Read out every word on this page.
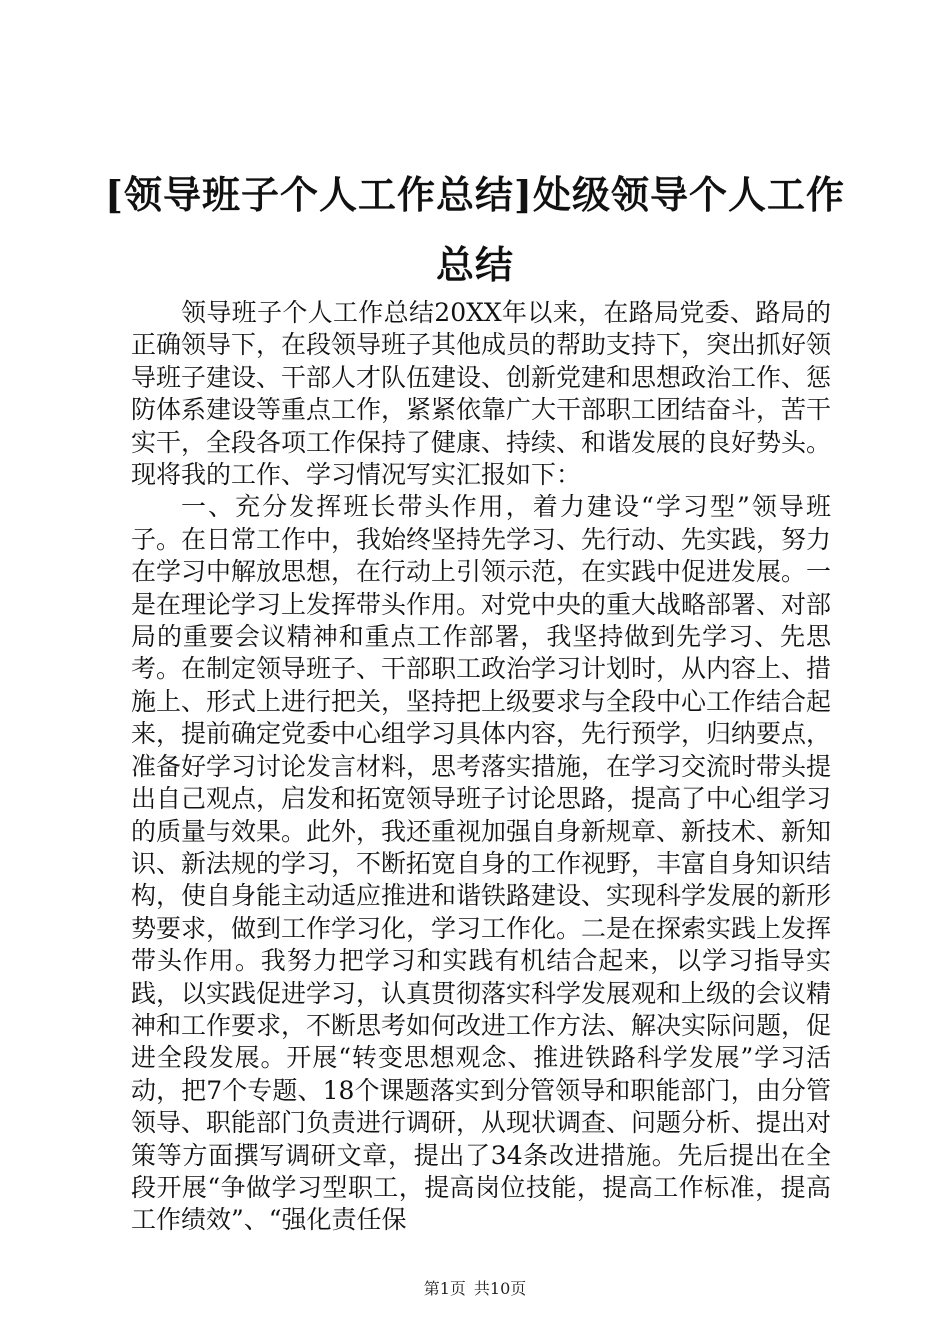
[领导班子个人工作总结]处级领导个人工作总结

领导班子个人工作总结20XX年以来，在路局党委、路局的正确领导下，在段领导班子其他成员的帮助支持下，突出抓好领导班子建设、干部人才队伍建设、创新党建和思想政治工作、惩防体系建设等重点工作，紧紧依靠广大干部职工团结奋斗，苦干实干，全段各项工作保持了健康、持续、和谐发展的良好势头。现将我的工作、学习情况写实汇报如下：

一、充分发挥班长带头作用，着力建设“学习型”领导班子。在日常工作中，我始终坚持先学习、先行动、先实践，努力在学习中解放思想，在行动上引领示范，在实践中促进发展。一是在理论学习上发挥带头作用。对党中央的重大战略部署、对部局的重要会议精神和重点工作部署，我坚持做到先学习、先思考。在制定领导班子、干部职工政治学习计划时，从内容上、措施上、形式上进行把关，坚持把上级要求与全段中心工作结合起来，提前确定党委中心组学习具体内容，先行预学，归纳要点，准备好学习讨论发言材料，思考落实措施，在学习交流时带头提出自己观点，启发和拓宽领导班子讨论思路，提高了中心组学习的质量与效果。此外，我还重视加强自身新规章、新技术、新知识、新法规的学习，不断拓宽自身的工作视野，丰富自身知识结构，使自身能主动适应推进和谐铁路建设、实现科学发展的新形势要求，做到工作学习化，学习工作化。二是在探索实践上发挥带头作用。我努力把学习和实践有机结合起来，以学习指导实践，以实践促进学习，认真贯彻落实科学发展观和上级的会议精神和工作要求，不断思考如何改进工作方法、解决实际问题，促进全段发展。开展“转变思想观念、推进铁路科学发展”学习活动，把7个专题、18个课题落实到分管领导和职能部门，由分管领导、职能部门负责进行调研，从现状调查、问题分析、提出对策等方面撰写调研文章，提出了34条改进措施。先后提出在全段开展“争做学习型职工，提高岗位技能，提高工作标准，提高工作绩效”、“强化责任保

第1页 共10页
